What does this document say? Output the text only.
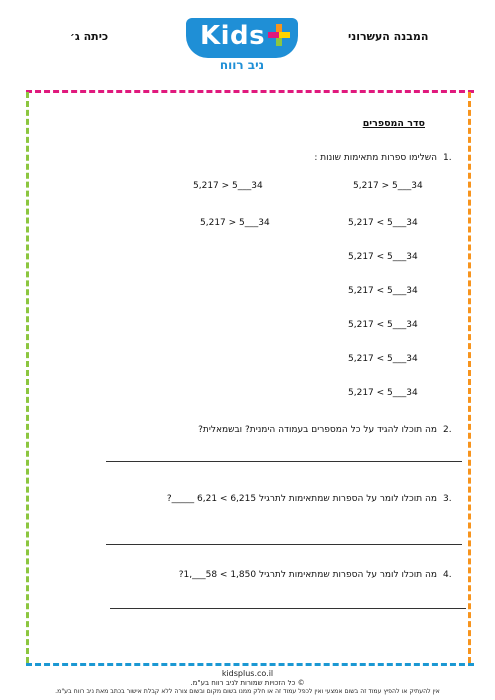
כיתה ג׳	המבנה העשרוני
Kids
ניב רווח
סדר המספרים
1.
השלימו ספרות מתאימות שונות :
5,217 > 5___34
5,217 < 5___34
5,217 < 5___34
5,217 < 5___34
5,217 < 5___34
5,217 < 5___34
5,217 < 5___34
5,217 > 5___34
5,217 > 5___34
2.
מה תוכלו להגיד על כל המספרים בעמודה הימנית? ובשמאלית?
3.
מה תוכלו לומר על הספרות שמתאימות לתרגיל _____ 6,21 < 6,215?
4.
מה תוכלו לומר על הספרות שמתאימות לתרגיל 1,___58 < 1,850?
kidsplus.co.il
© כל הזכויות שמורות לניב רווח בע"מ.
אין להעתיק או להפיץ עמוד זה בשום אמצעי ואין לכפל עמוד זה או חלק ממנו בשום מקום ובשום צורה ללא קבלת אישור בכתב מאת ניב רווח בע"מ.
